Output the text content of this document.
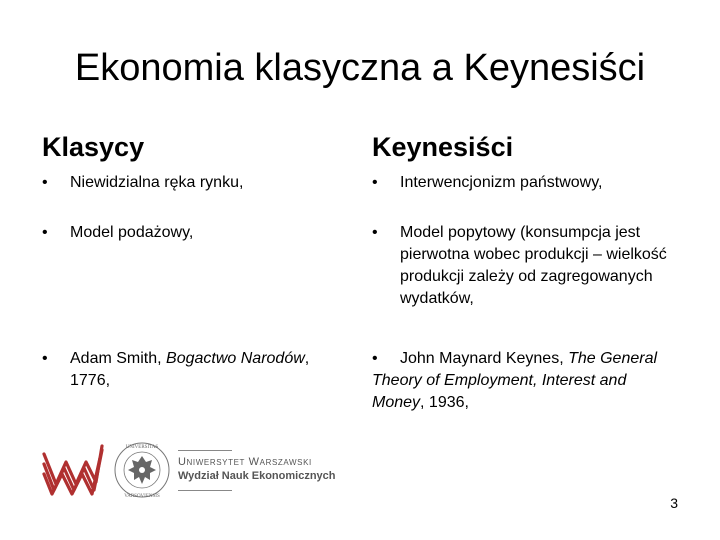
Ekonomia klasyczna a Keynesiści
Klasycy	Keynesiści
• Niewidzialna ręka rynku,
• Model podażowy,
• Adam Smith, Bogactwo Narodów, 1776,
• Interwencjonizm państwowy,
• Model popytowy (konsumpcja jest pierwotna wobec produkcji – wielkość produkcji zależy od zagregowanych wydatków,
•	John Maynard Keynes, The General Theory of Employment, Interest and Money, 1936,
UNIVERSITAS
VARSOVIENSIS
Uniwersytet Warszawski
Wydział Nauk Ekonomicznych
3
